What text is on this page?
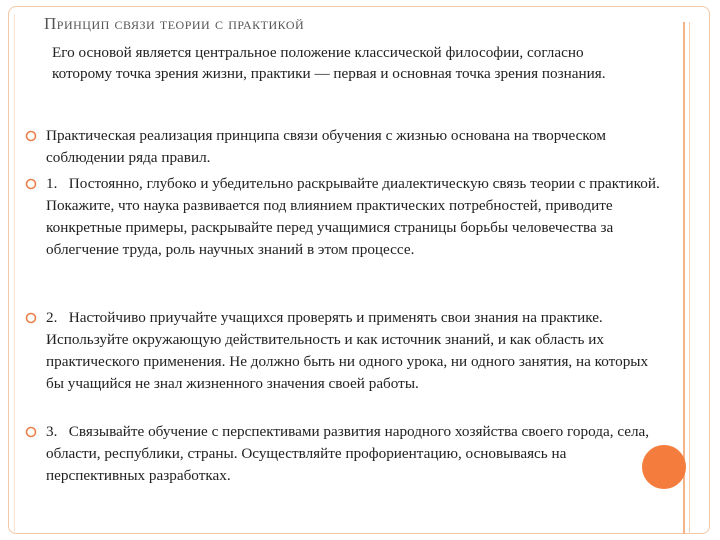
Принцип связи теории с практикой

Его основой является центральное положение классической философии, согласно которому точка зрения жизни, практики — первая и основная точка зрения познания.

Практическая реализация принципа связи обучения с жизнью основана на творческом соблюдении ряда правил.

1.   Постоянно, глубоко и убедительно раскрывайте диалектическую связь теории с практикой. Покажите, что наука развивается под влиянием практических потребностей, приводите конкретные примеры, раскрывайте перед учащимися страницы борьбы человечества за облегчение труда, роль научных знаний в этом процессе.

2.   Настойчиво приучайте учащихся проверять и применять свои знания на практике. Используйте окружающую действительность и как источник знаний, и как область их практического применения. Не должно быть ни одного урока, ни одного занятия, на которых бы учащийся не знал жизненного значения своей работы.

3.   Связывайте обучение с перспективами развития народного хозяйства своего города, села, области, республики, страны. Осуществляйте профориентацию, основываясь на перспективных разработках.
